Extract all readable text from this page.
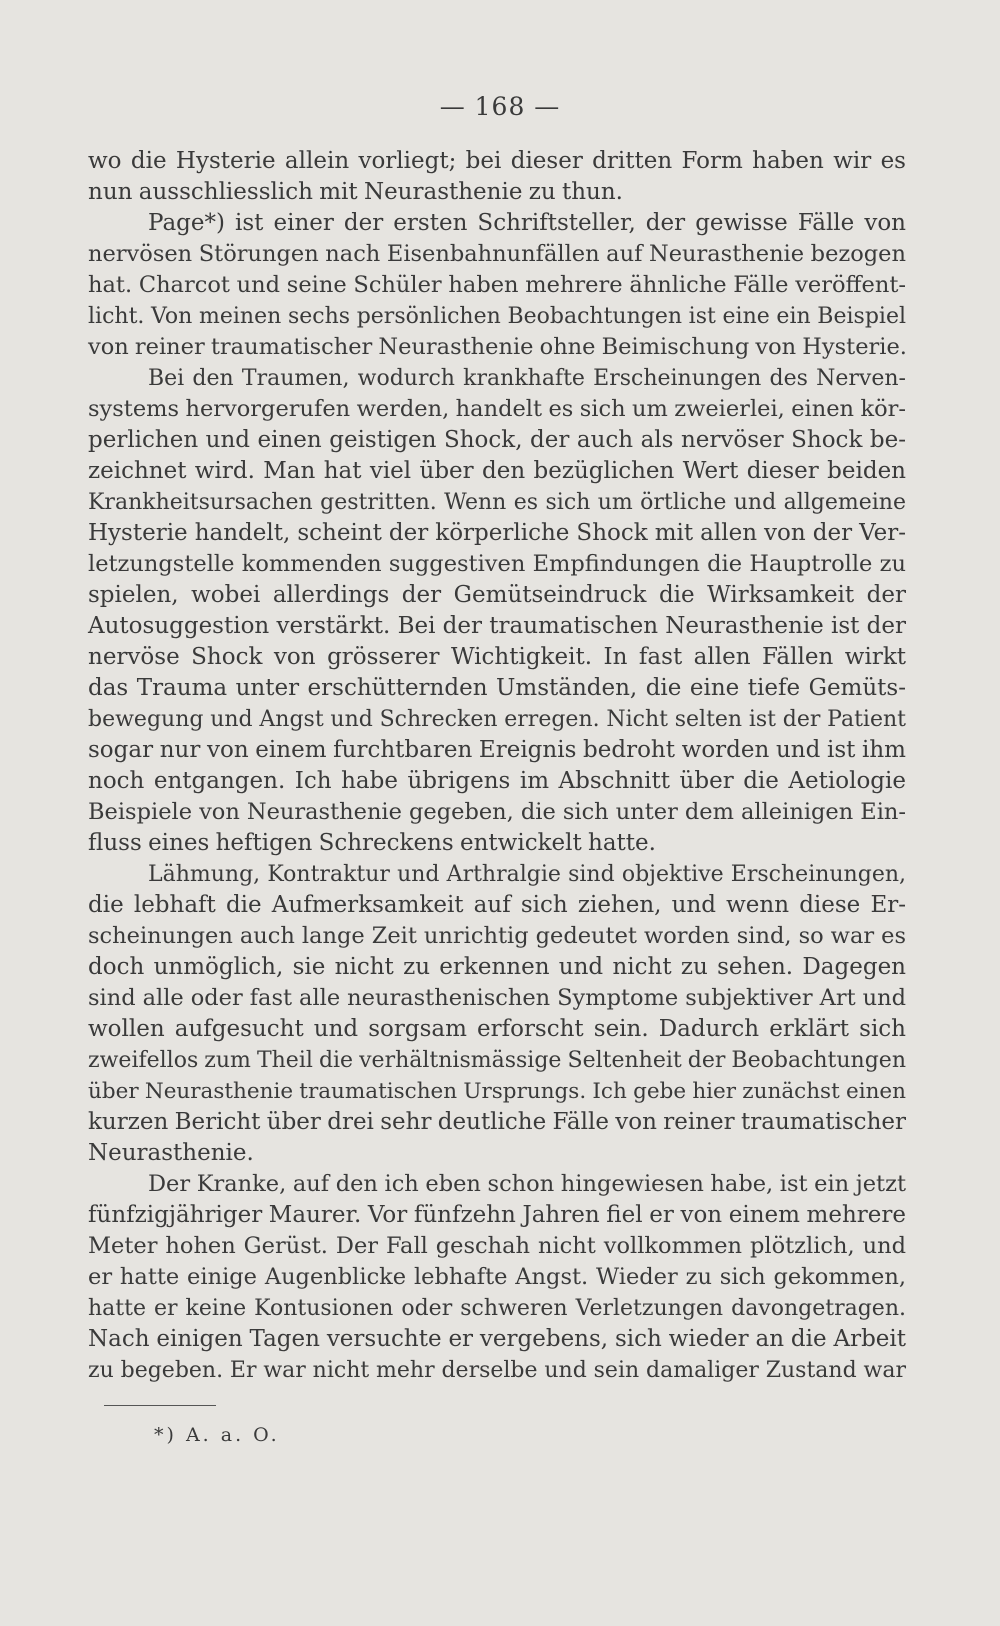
— 168 —
wo die Hysterie allein vorliegt; bei dieser dritten Form haben wir es
nun ausschliesslich mit Neurasthenie zu thun.
Page*) ist einer der ersten Schriftsteller, der gewisse Fälle von
nervösen Störungen nach Eisenbahnunfällen auf Neurasthenie bezogen
hat. Charcot und seine Schüler haben mehrere ähnliche Fälle veröffent-
licht. Von meinen sechs persönlichen Beobachtungen ist eine ein Beispiel
von reiner traumatischer Neurasthenie ohne Beimischung von Hysterie.
Bei den Traumen, wodurch krankhafte Erscheinungen des Nerven-
systems hervorgerufen werden, handelt es sich um zweierlei, einen kör-
perlichen und einen geistigen Shock, der auch als nervöser Shock be-
zeichnet wird. Man hat viel über den bezüglichen Wert dieser beiden
Krankheitsursachen gestritten. Wenn es sich um örtliche und allgemeine
Hysterie handelt, scheint der körperliche Shock mit allen von der Ver-
letzungstelle kommenden suggestiven Empfindungen die Hauptrolle zu
spielen, wobei allerdings der Gemütseindruck die Wirksamkeit der
Autosuggestion verstärkt. Bei der traumatischen Neurasthenie ist der
nervöse Shock von grösserer Wichtigkeit. In fast allen Fällen wirkt
das Trauma unter erschütternden Umständen, die eine tiefe Gemüts-
bewegung und Angst und Schrecken erregen. Nicht selten ist der Patient
sogar nur von einem furchtbaren Ereignis bedroht worden und ist ihm
noch entgangen. Ich habe übrigens im Abschnitt über die Aetiologie
Beispiele von Neurasthenie gegeben, die sich unter dem alleinigen Ein-
fluss eines heftigen Schreckens entwickelt hatte.
Lähmung, Kontraktur und Arthralgie sind objektive Erscheinungen,
die lebhaft die Aufmerksamkeit auf sich ziehen, und wenn diese Er-
scheinungen auch lange Zeit unrichtig gedeutet worden sind, so war es
doch unmöglich, sie nicht zu erkennen und nicht zu sehen. Dagegen
sind alle oder fast alle neurasthenischen Symptome subjektiver Art und
wollen aufgesucht und sorgsam erforscht sein. Dadurch erklärt sich
zweifellos zum Theil die verhältnismässige Seltenheit der Beobachtungen
über Neurasthenie traumatischen Ursprungs. Ich gebe hier zunächst einen
kurzen Bericht über drei sehr deutliche Fälle von reiner traumatischer
Neurasthenie.
Der Kranke, auf den ich eben schon hingewiesen habe, ist ein jetzt
fünfzigjähriger Maurer. Vor fünfzehn Jahren fiel er von einem mehrere
Meter hohen Gerüst. Der Fall geschah nicht vollkommen plötzlich, und
er hatte einige Augenblicke lebhafte Angst. Wieder zu sich gekommen,
hatte er keine Kontusionen oder schweren Verletzungen davongetragen.
Nach einigen Tagen versuchte er vergebens, sich wieder an die Arbeit
zu begeben. Er war nicht mehr derselbe und sein damaliger Zustand war
*) A. a. O.
